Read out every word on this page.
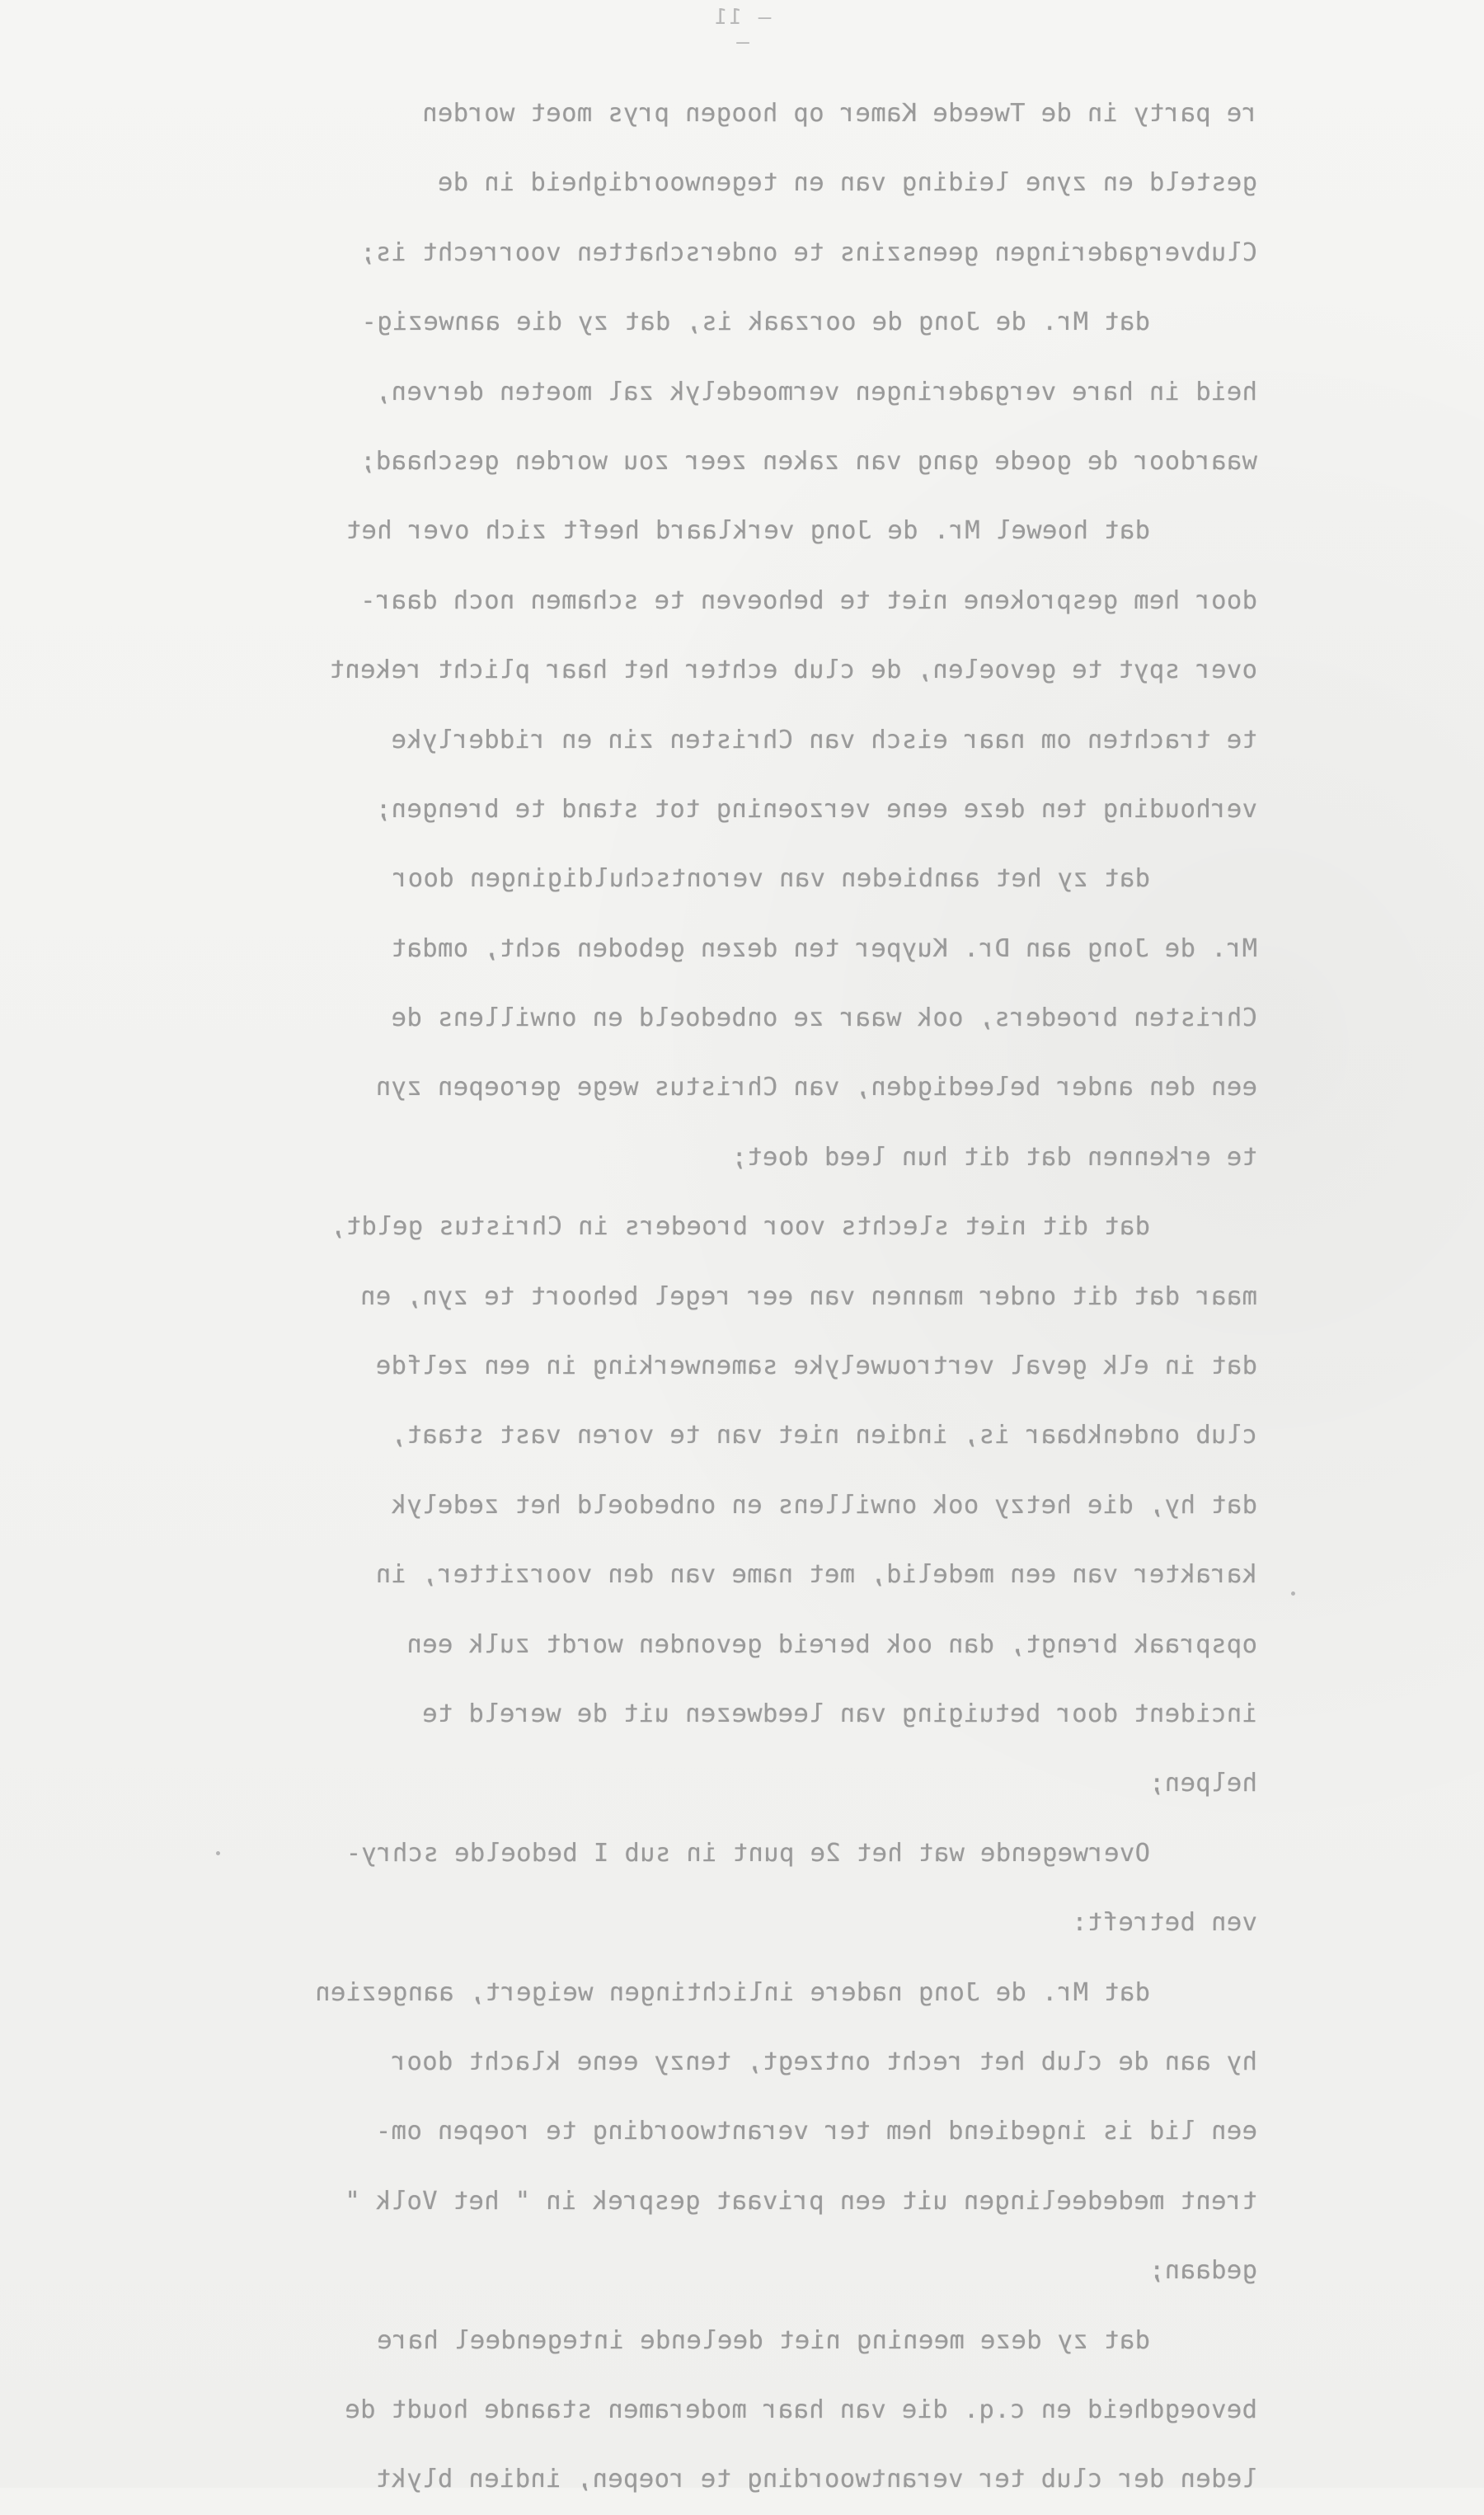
— 11 —
re party in de Tweede Kamer op hoogen prys moet worden
gesteld en zyne leiding van en tegenwoordigheid in de
Clubvergaderingen geenszins te onderschatten voorrecht is;
dat Mr. de Jong de oorzaak is, dat zy die aanwezig-
heid in hare vergaderingen vermoedelyk zal moeten derven,
waardoor de goede gang van zaken zeer zou worden geschaad;
dat hoewel Mr. de Jong verklaard heeft zich over het
door hem gesprokene niet te behoeven te schamen noch daar-
over spyt te gevoelen, de club echter het haar plicht rekent
te trachten om naar eisch van Christen zin en ridderlyke
verhouding ten deze eene verzoening tot stand te brengen;
dat zy het aanbieden van verontschuldigingen door
Mr. de Jong aan Dr. Kuyper ten dezen geboden acht, omdat
Christen broeders, ook waar ze onbedoeld en onwillens de
een den ander beleedigden, van Christus wege geroepen zyn
te erkennen dat dit hun leed doet;
dat dit niet slechts voor broeders in Christus geldt,
maar dat dit onder mannen van eer regel behoort te zyn, en
dat in elk geval vertrouwelyke samenwerking in een zelfde
club ondenkbaar is, indien niet van te voren vast staat,
dat hy, die hetzy ook onwillens en onbedoeld het zedelyk
karakter van een medelid, met name van den voorzitter, in
opspraak brengt, dan ook bereid gevonden wordt zulk een
incident door betuiging van leedwezen uit de wereld te
helpen;
Overwegende wat het 2e punt in sub I bedoelde schry-
ven betreft:
dat Mr. de Jong nadere inlichtingen weigert, aangezien
hy aan de club het recht ontzegt, tenzy eene klacht door
een lid is ingediend hem ter verantwoording te roepen om-
trent mededeelingen uit een privaat gesprek in " het Volk "
gedaan;
dat zy deze meening niet deelende integendeel hare
bevoegdheid en c.q. die van haar moderamen staande houdt de
leden der club ter verantwoording te roepen, indien blykt
